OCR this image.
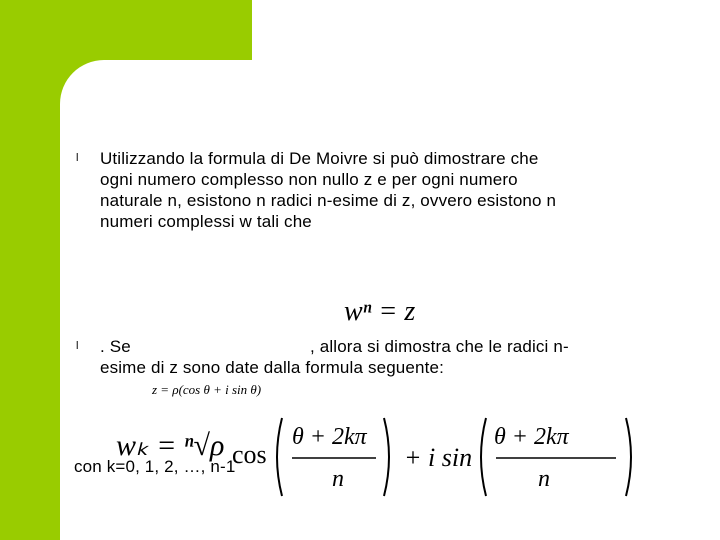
l Utilizzando la formula di De Moivre si può dimostrare che
ogni numero complesso non nullo z e per ogni numero
naturale n, esistono n radici n-esime di z, ovvero esistono n
numeri complessi w tali che
wⁿ = z
l . Se	, allora si dimostra che le radici n-
esime di z sono date dalla formula seguente:
z = ρ(cos θ + i sin θ)
wₖ = ⁿ√ρ cos
θ + 2kπ
n
+ i sin
θ + 2kπ
n
con k=0, 1, 2, …, n-1
